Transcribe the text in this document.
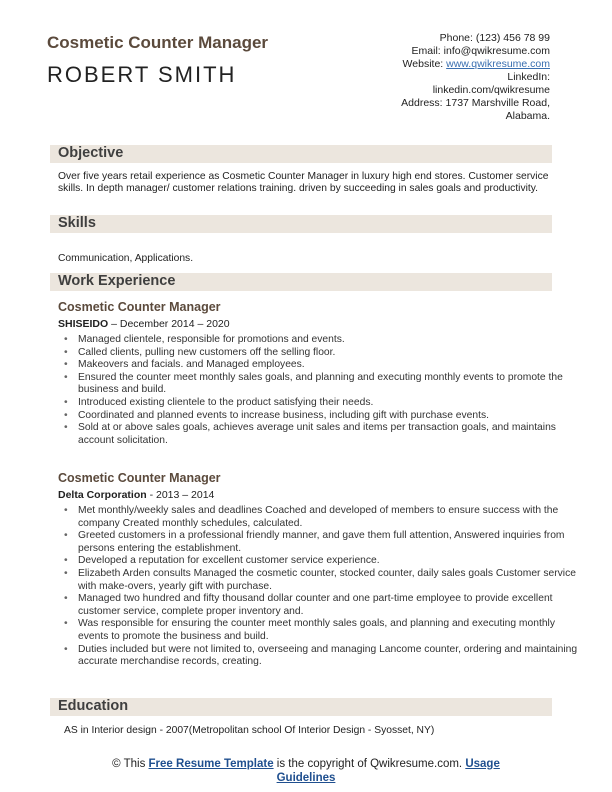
Cosmetic Counter Manager
ROBERT SMITH
Phone: (123) 456 78 99
Email: info@qwikresume.com
Website: www.qwikresume.com
LinkedIn:
linkedin.com/qwikresume
Address: 1737 Marshville Road,
Alabama.
Objective
Over five years retail experience as Cosmetic Counter Manager in luxury high end stores. Customer service skills. In depth manager/ customer relations training. driven by succeeding in sales goals and productivity.
Skills
Communication, Applications.
Work Experience
Cosmetic Counter Manager
SHISEIDO – December 2014 – 2020
• Managed clientele, responsible for promotions and events.
• Called clients, pulling new customers off the selling floor.
• Makeovers and facials. and Managed employees.
• Ensured the counter meet monthly sales goals, and planning and executing monthly events to promote the business and build.
• Introduced existing clientele to the product satisfying their needs.
• Coordinated and planned events to increase business, including gift with purchase events.
• Sold at or above sales goals, achieves average unit sales and items per transaction goals, and maintains account solicitation.
Cosmetic Counter Manager
Delta Corporation - 2013 – 2014
• Met monthly/weekly sales and deadlines Coached and developed of members to ensure success with the company Created monthly schedules, calculated.
• Greeted customers in a professional friendly manner, and gave them full attention, Answered inquiries from persons entering the establishment.
• Developed a reputation for excellent customer service experience.
• Elizabeth Arden consults Managed the cosmetic counter, stocked counter, daily sales goals Customer service with make-overs, yearly gift with purchase.
• Managed two hundred and fifty thousand dollar counter and one part-time employee to provide excellent customer service, complete proper inventory and.
• Was responsible for ensuring the counter meet monthly sales goals, and planning and executing monthly events to promote the business and build.
• Duties included but were not limited to, overseeing and managing Lancome counter, ordering and maintaining accurate merchandise records, creating.
Education
AS in Interior design - 2007(Metropolitan school Of Interior Design - Syosset, NY)
© This Free Resume Template is the copyright of Qwikresume.com. Usage
Guidelines
